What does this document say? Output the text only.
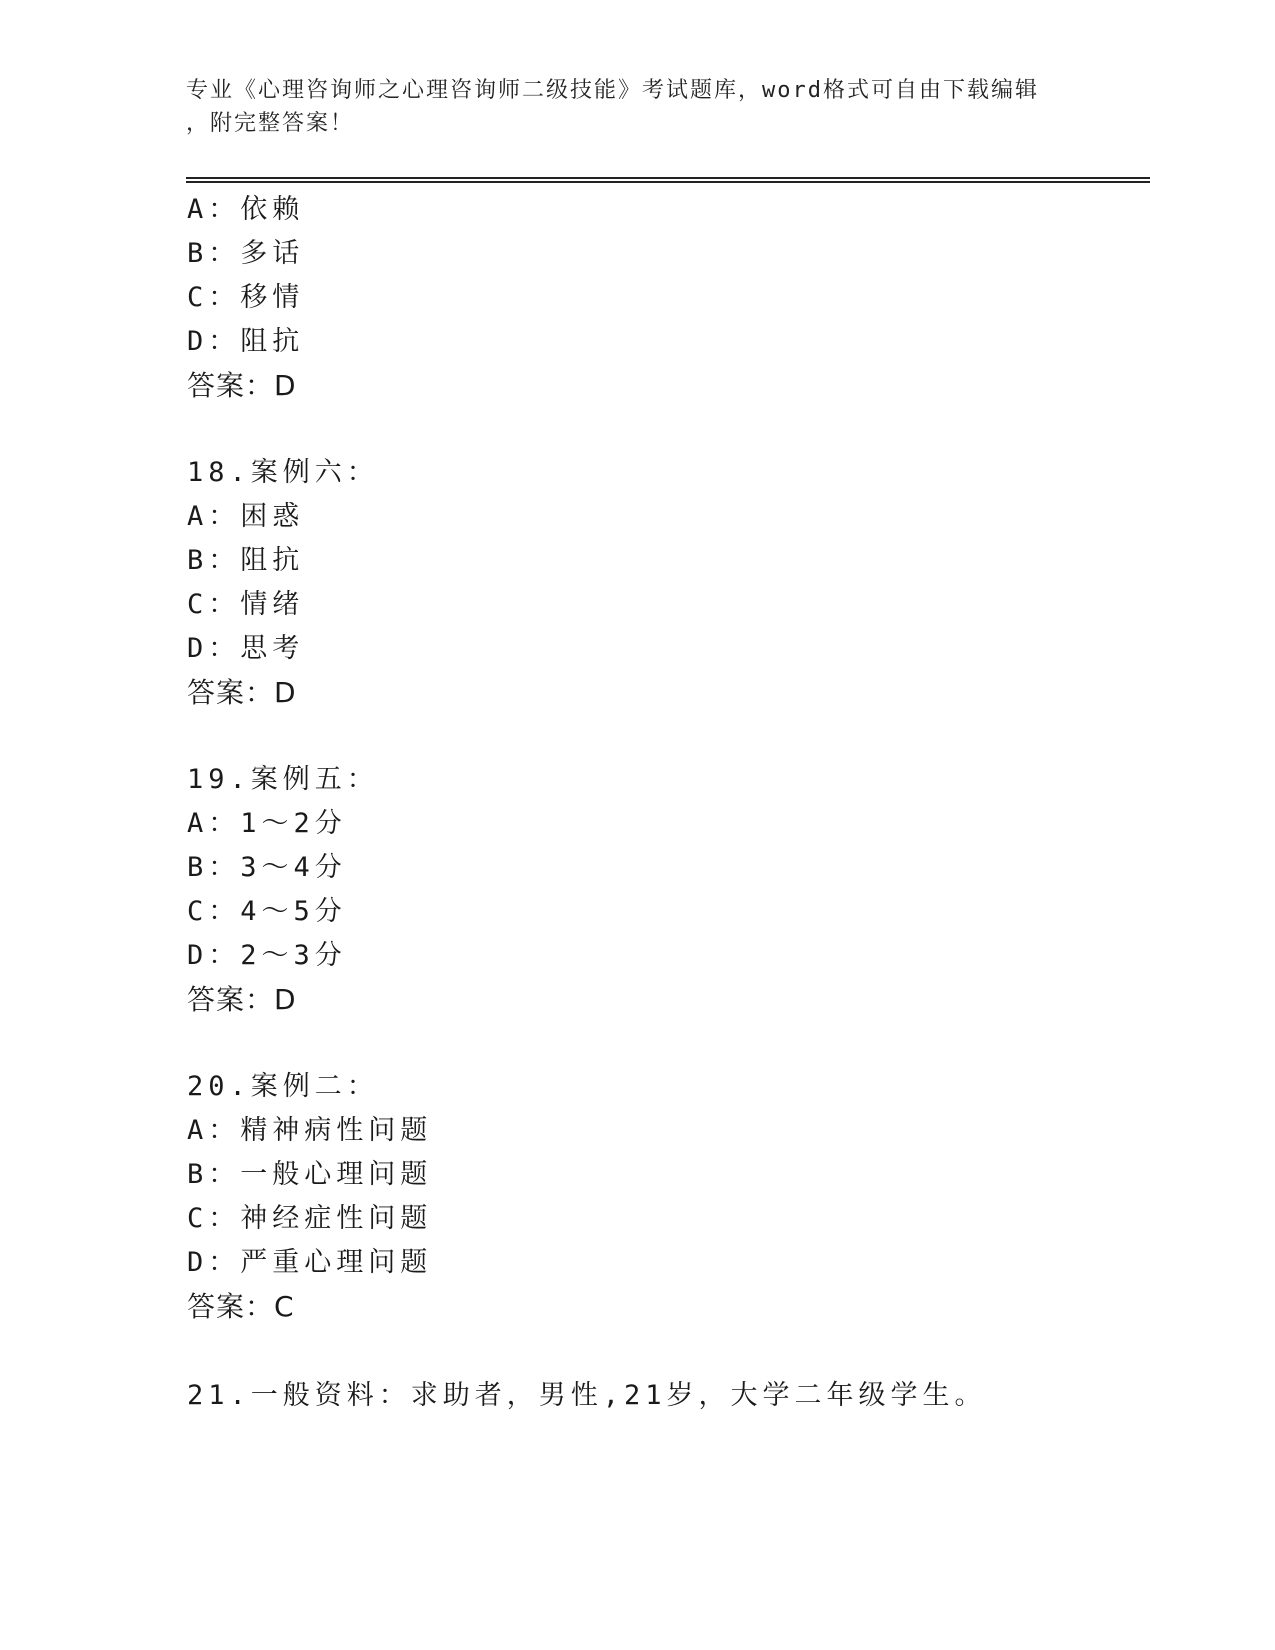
专业《心理咨询师之心理咨询师二级技能》考试题库，word格式可自由下载编辑
，附完整答案！
A：依赖
B：多话
C：移情
D：阻抗
答案：D
18.案例六：
A：困惑
B：阻抗
C：情绪
D：思考
答案：D
19.案例五：
A：1～2分
B：3～4分
C：4～5分
D：2～3分
答案：D
20.案例二：
A：精神病性问题
B：一般心理问题
C：神经症性问题
D：严重心理问题
答案：C
21.一般资料：求助者，男性,21岁，大学二年级学生。
